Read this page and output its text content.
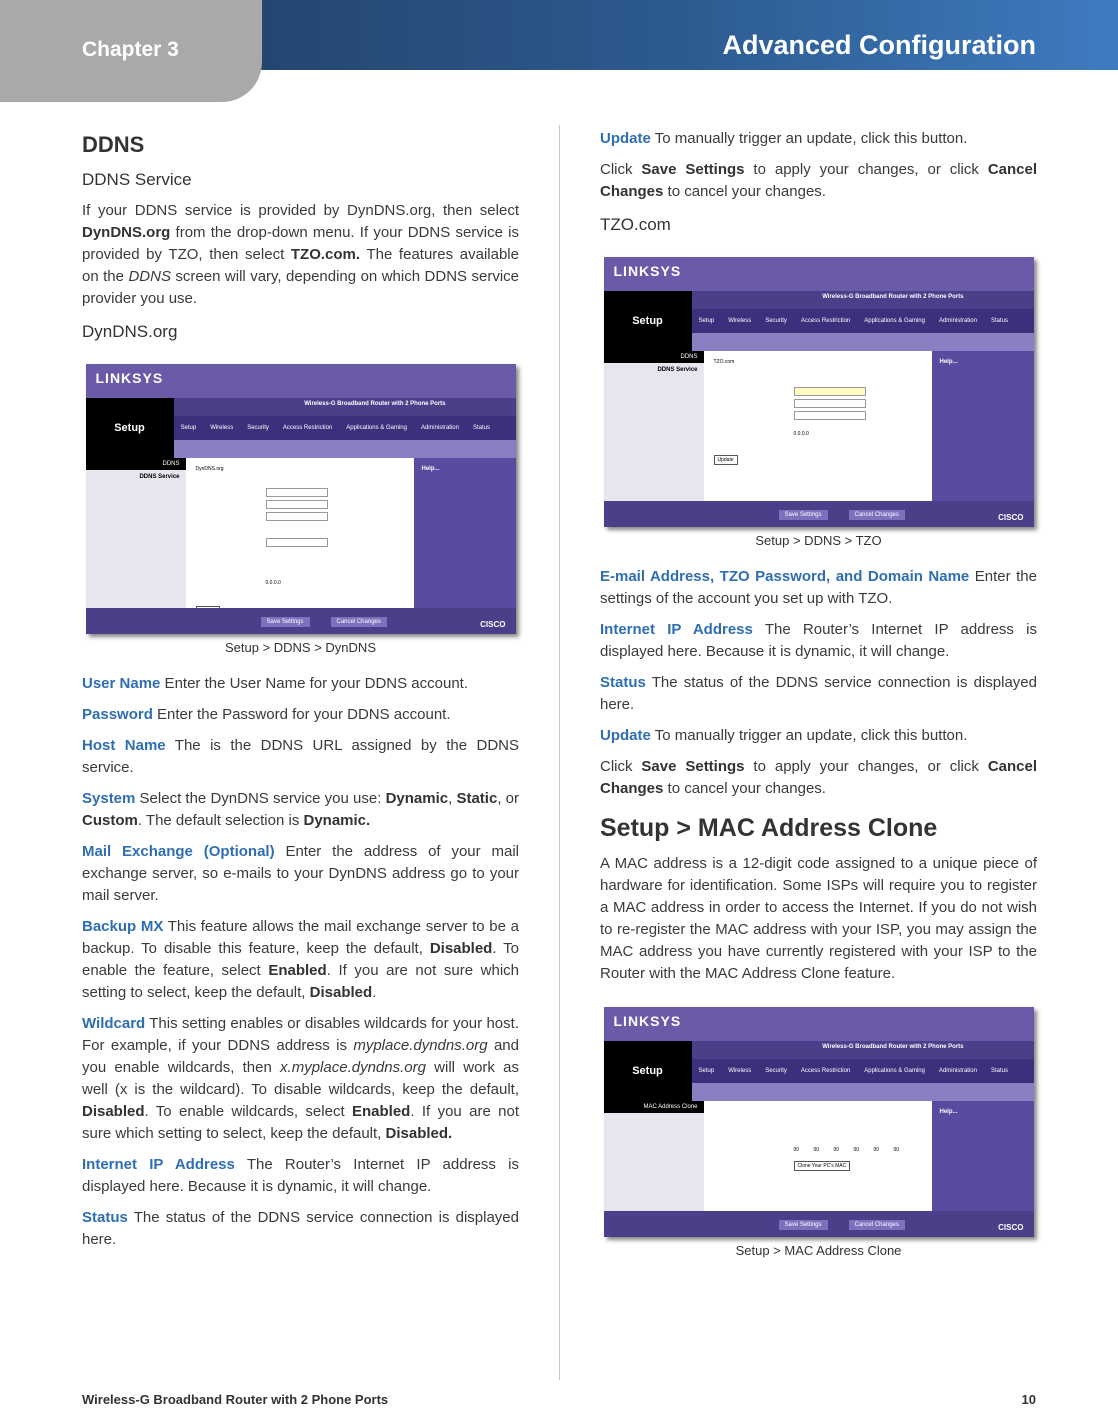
Advanced Configuration
Chapter 3
DDNS
DDNS Service

If your DDNS service is provided by DynDNS.org, then select DynDNS.org from the drop-down menu. If your DDNS service is provided by TZO, then select TZO.com. The features available on the DDNS screen will vary, depending on which DDNS service provider you use.

DynDNS.org
LINKSYS
Wireless-G Broadband Router with 2 Phone Ports
Setup	Setup Wireless Security Access Restriction Applications & Gaming Administration Status
DDNS
DDNS Service
DynDNS.org
0.0.0.0
Help...
Save Settings	Cancel Changes	CISCO
Setup > DDNS > DynDNS

User Name Enter the User Name for your DDNS account.

Password Enter the Password for your DDNS account.

Host Name The is the DDNS URL assigned by the DDNS service.

System Select the DynDNS service you use: Dynamic, Static, or Custom. The default selection is Dynamic.

Mail Exchange (Optional) Enter the address of your mail exchange server, so e-mails to your DynDNS address go to your mail server.

Backup MX This feature allows the mail exchange server to be a backup. To disable this feature, keep the default, Disabled. To enable the feature, select Enabled. If you are not sure which setting to select, keep the default, Disabled.

Wildcard This setting enables or disables wildcards for your host. For example, if your DDNS address is myplace.dyndns.org and you enable wildcards, then x.myplace.dyndns.org will work as well (x is the wildcard). To disable wildcards, keep the default, Disabled. To enable wildcards, select Enabled. If you are not sure which setting to select, keep the default, Disabled.

Internet IP Address The Router’s Internet IP address is displayed here. Because it is dynamic, it will change.

Status The status of the DDNS service connection is displayed here.

Update To manually trigger an update, click this button.

Click Save Settings to apply your changes, or click Cancel Changes to cancel your changes.

TZO.com
LINKSYS
Wireless-G Broadband Router with 2 Phone Ports
Setup	Setup Wireless Security Access Restriction Applications & Gaming Administration Status
DDNS
DDNS Service
TZO.com
0.0.0.0
Update
Help...
Save Settings	Cancel Changes	CISCO
Setup > DDNS > TZO

E-mail Address, TZO Password, and Domain Name Enter the settings of the account you set up with TZO.

Internet IP Address The Router’s Internet IP address is displayed here. Because it is dynamic, it will change.

Status The status of the DDNS service connection is displayed here.

Update To manually trigger an update, click this button.

Click Save Settings to apply your changes, or click Cancel Changes to cancel your changes.

Setup > MAC Address Clone

A MAC address is a 12-digit code assigned to a unique piece of hardware for identification. Some ISPs will require you to register a MAC address in order to access the Internet. If you do not wish to re-register the MAC address with your ISP, you may assign the MAC address you have currently registered with your ISP to the Router with the MAC Address Clone feature.

LINKSYS
Wireless-G Broadband Router with 2 Phone Ports
Setup	Setup Wireless Security Access Restriction Applications & Gaming Administration Status
MAC Address Clone
00	00	00	00	00	00
Clone Your PC's MAC
Help...
Save Settings	Cancel Changes	CISCO
Setup > MAC Address Clone
Wireless-G Broadband Router with 2 Phone Ports	10
